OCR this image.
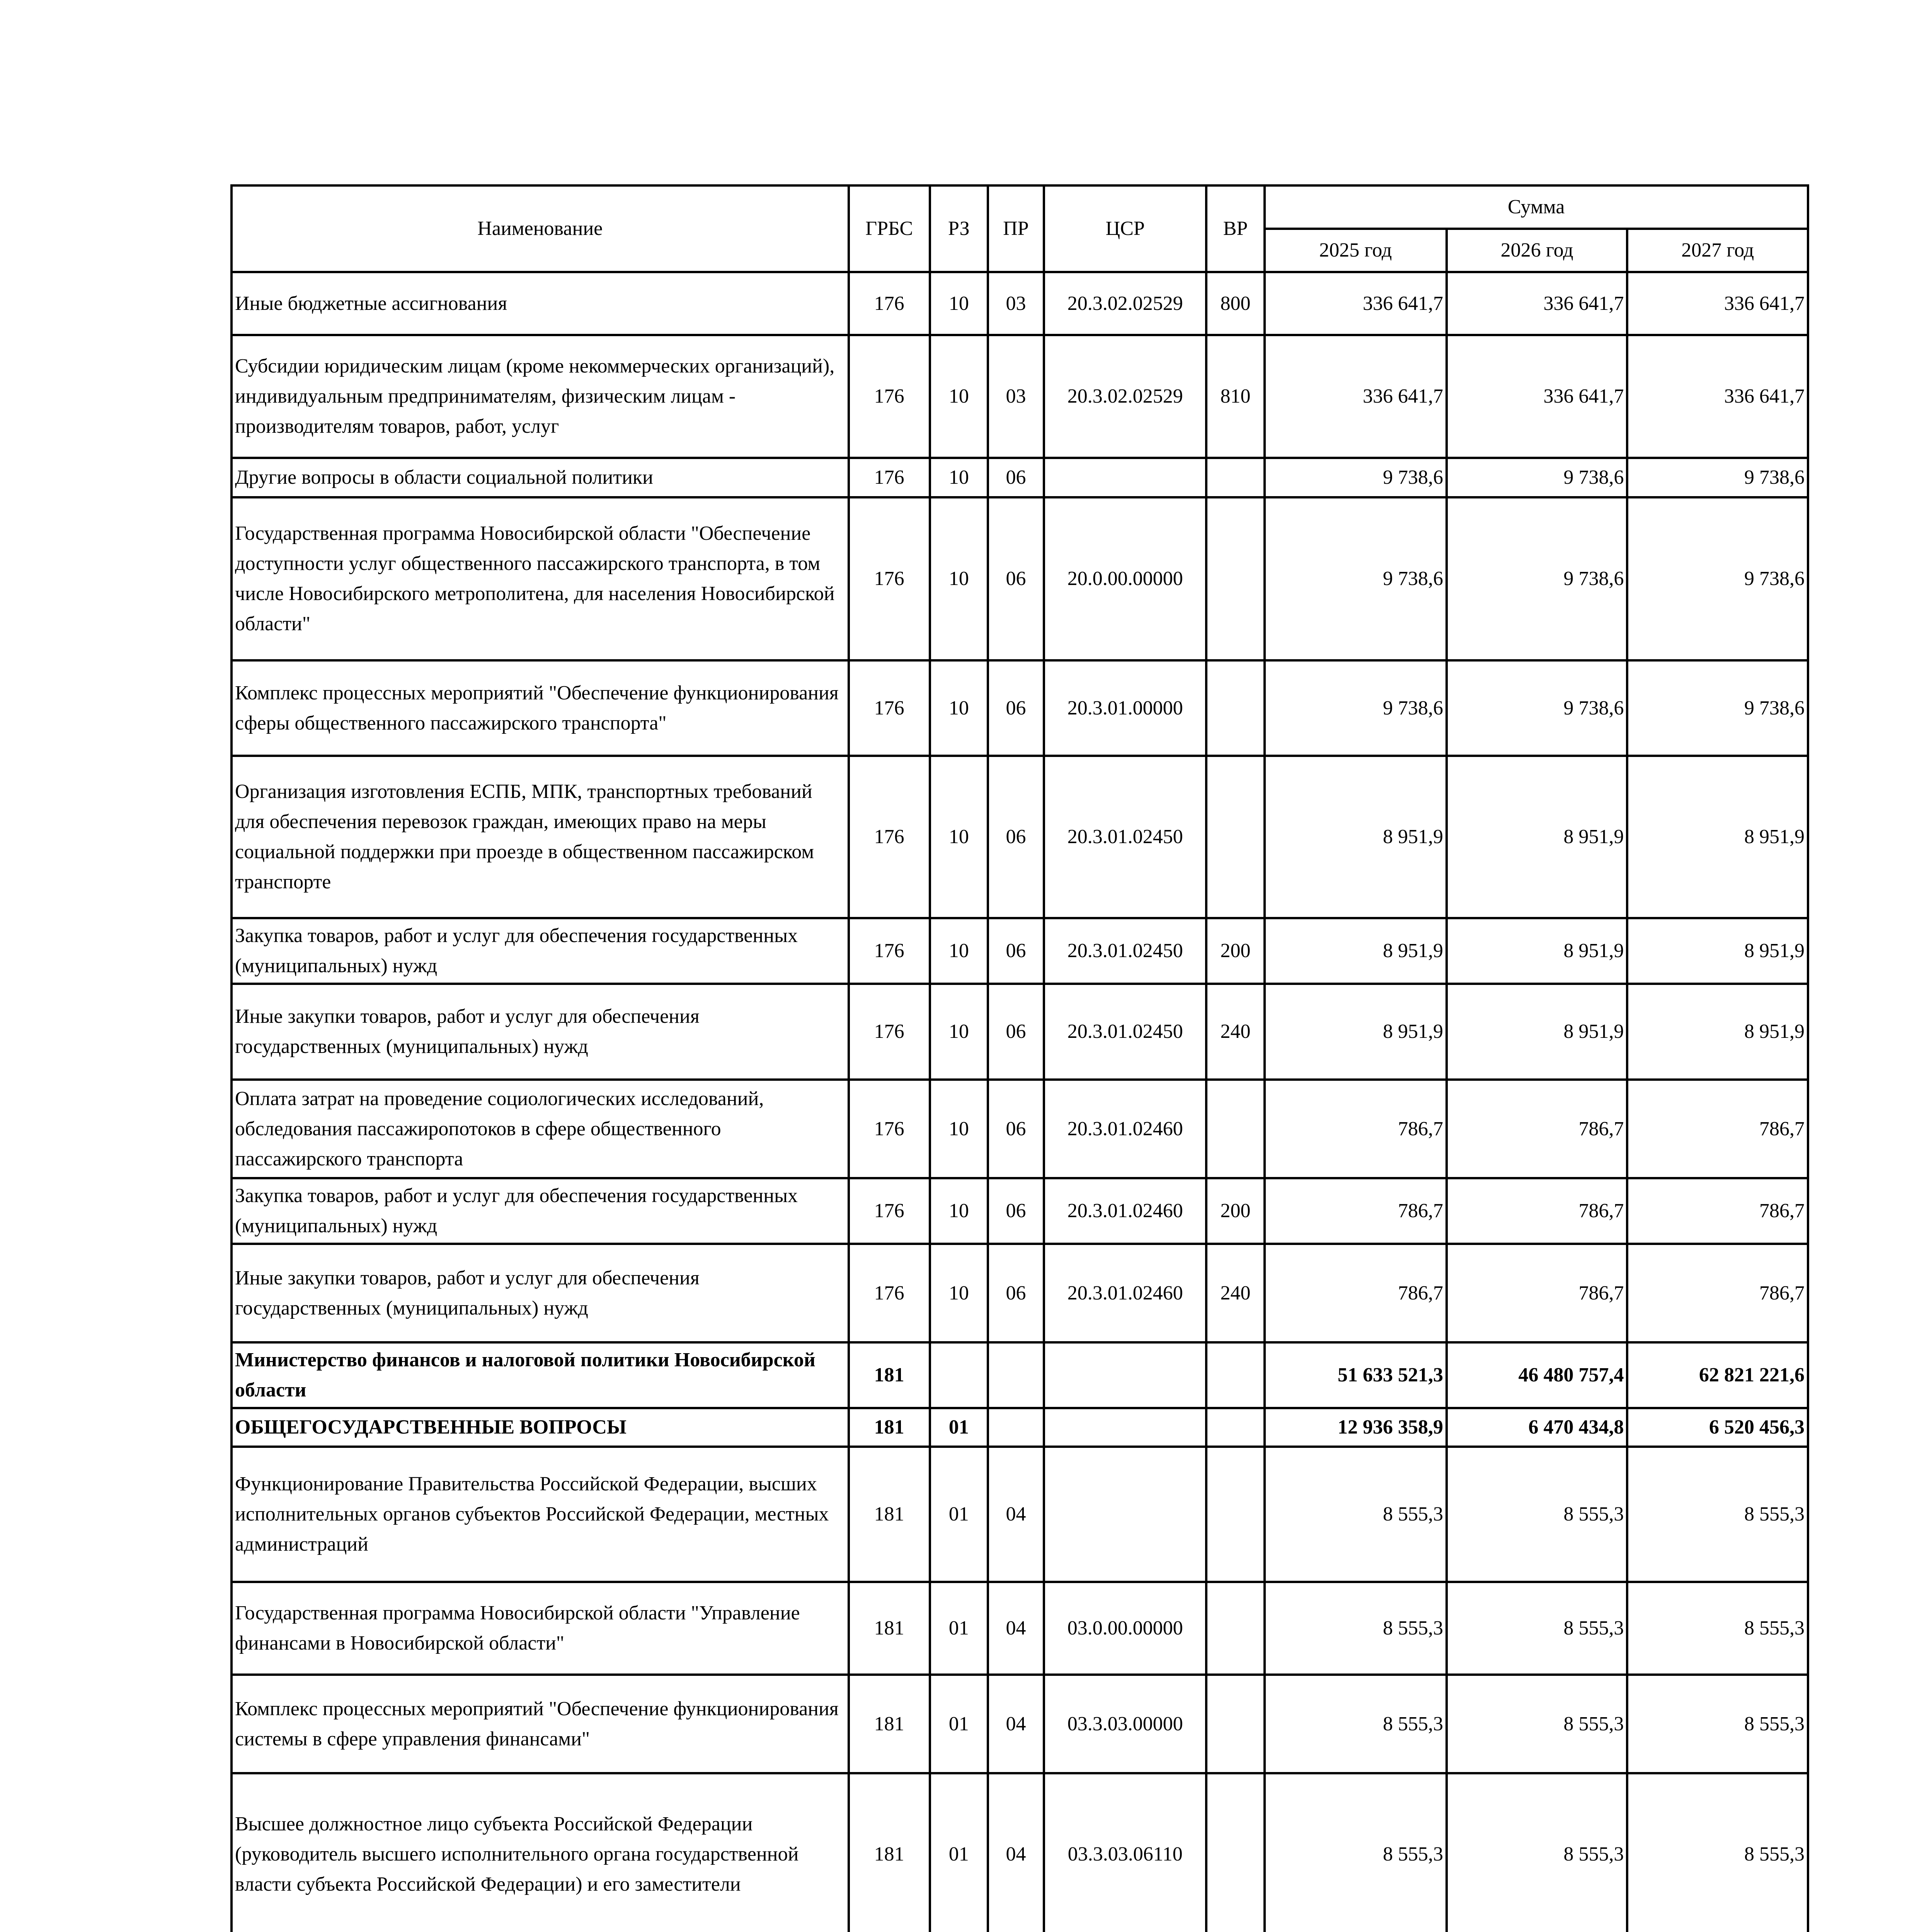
Наименование	ГРБС	РЗ	ПР	ЦСР	ВР	Сумма		
						2025 год	2026 год	2027 год
Иные бюджетные ассигнования	176	10	03	20.3.02.02529	800	336 641,7	336 641,7	336 641,7
Субсидии юридическим лицам (кроме некоммерческих организаций), индивидуальным предпринимателям, физическим лицам - производителям товаров, работ, услуг	176	10	03	20.3.02.02529	810	336 641,7	336 641,7	336 641,7
Другие вопросы в области социальной политики	176	10	06			9 738,6	9 738,6	9 738,6
Государственная программа Новосибирской области "Обеспечение доступности услуг общественного пассажирского транспорта, в том числе Новосибирского метрополитена, для населения Новосибирской области"	176	10	06	20.0.00.00000		9 738,6	9 738,6	9 738,6
Комплекс процессных мероприятий "Обеспечение функционирования сферы общественного пассажирского транспорта"	176	10	06	20.3.01.00000		9 738,6	9 738,6	9 738,6
Организация изготовления ЕСПБ, МПК, транспортных требований для обеспечения перевозок граждан, имеющих право на меры социальной поддержки при проезде в общественном пассажирском транспорте	176	10	06	20.3.01.02450		8 951,9	8 951,9	8 951,9
Закупка товаров, работ и услуг для обеспечения государственных (муниципальных) нужд	176	10	06	20.3.01.02450	200	8 951,9	8 951,9	8 951,9
Иные закупки товаров, работ и услуг для обеспечения государственных (муниципальных) нужд	176	10	06	20.3.01.02450	240	8 951,9	8 951,9	8 951,9
Оплата затрат на проведение социологических исследований, обследования пассажиропотоков в сфере общественного пассажирского транспорта	176	10	06	20.3.01.02460		786,7	786,7	786,7
Закупка товаров, работ и услуг для обеспечения государственных (муниципальных) нужд	176	10	06	20.3.01.02460	200	786,7	786,7	786,7
Иные закупки товаров, работ и услуг для обеспечения государственных (муниципальных) нужд	176	10	06	20.3.01.02460	240	786,7	786,7	786,7
Министерство финансов и налоговой политики Новосибирской области	181					51 633 521,3	46 480 757,4	62 821 221,6
ОБЩЕГОСУДАРСТВЕННЫЕ ВОПРОСЫ	181	01				12 936 358,9	6 470 434,8	6 520 456,3
Функционирование Правительства Российской Федерации, высших исполнительных органов субъектов Российской Федерации, местных администраций	181	01	04			8 555,3	8 555,3	8 555,3
Государственная программа Новосибирской области "Управление финансами в Новосибирской области"	181	01	04	03.0.00.00000		8 555,3	8 555,3	8 555,3
Комплекс процессных мероприятий "Обеспечение функционирования системы в сфере управления финансами"	181	01	04	03.3.03.00000		8 555,3	8 555,3	8 555,3
Высшее должностное лицо субъекта Российской Федерации (руководитель высшего исполнительного органа государственной власти субъекта Российской Федерации) и его заместители	181	01	04	03.3.03.06110		8 555,3	8 555,3	8 555,3
